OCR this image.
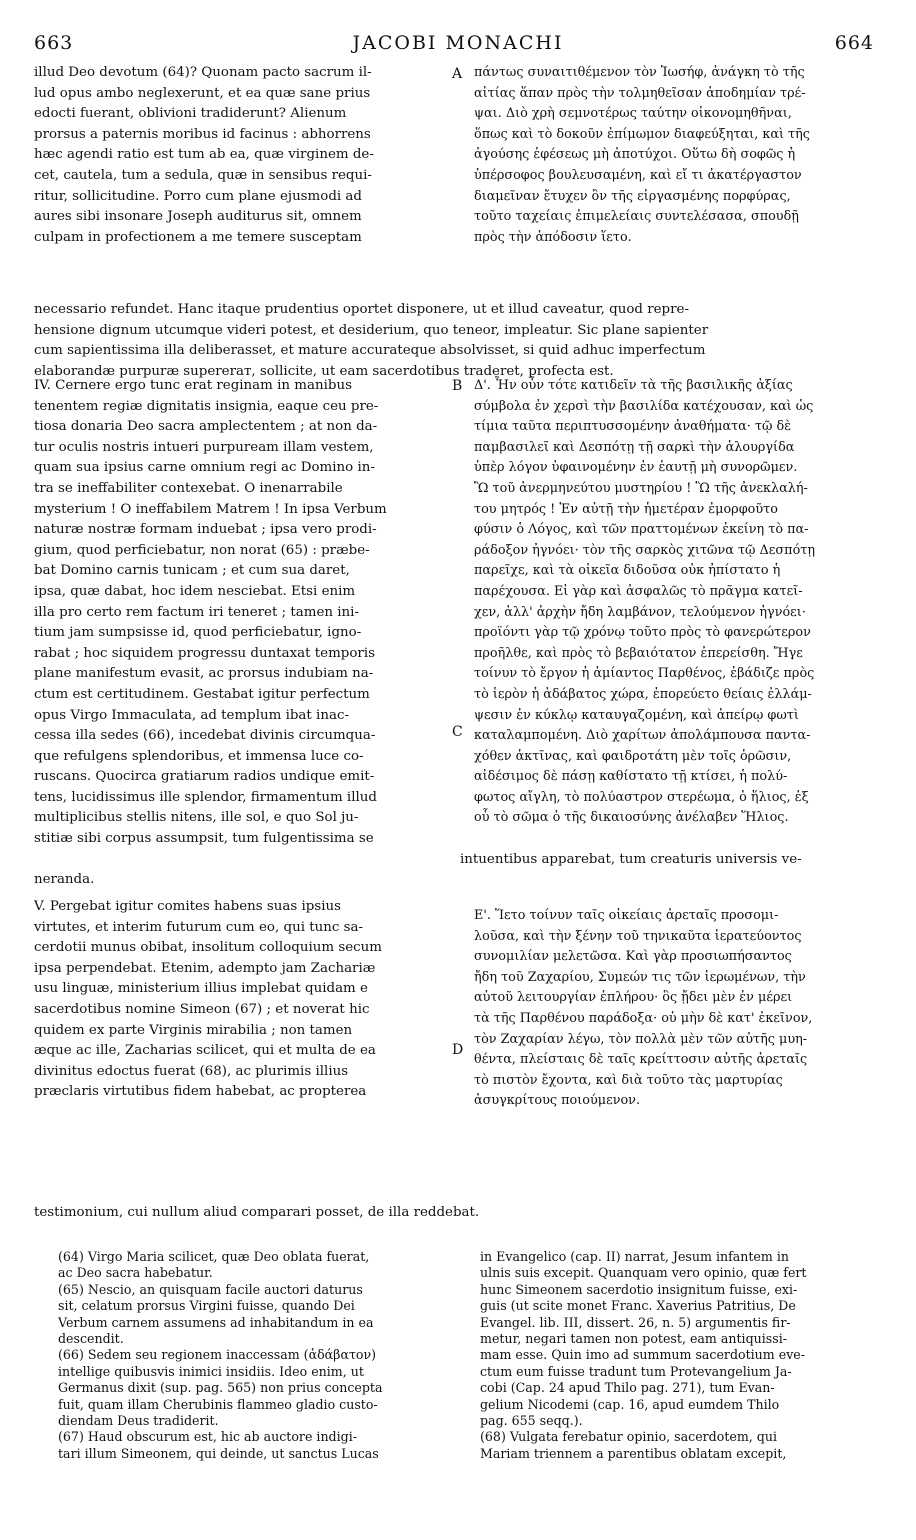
663	JACOBI MONACHI	664
illud Deo devotum (64)? Quonam pacto sacrum il-
lud opus ambo neglexerunt, et ea quæ sane prius
edocti fuerant, oblivioni tradiderunt? Alienum
prorsus a paternis moribus id facinus : abhorrens
hæc agendi ratio est tum ab ea, quæ virginem de-
cet, cautela, tum a sedula, quæ in sensibus requi-
ritur, sollicitudine. Porro cum plane ejusmodi ad
aures sibi insonare Joseph auditurus sit, omnem
culpam in profectionem a me temere susceptam
A πάντως συναιτιθέμενον τὸν Ἰωσήφ, ἀνάγκη τὸ τῆς
αἰτίας ἅπαν πρὸς τὴν τολμηθεῖσαν ἀποδημίαν τρέ-
ψαι. Διὸ χρὴ σεμνοτέρως ταύτην οἰκονομηθῆναι,
ὅπως καὶ τὸ δοκοῦν ἐπίμωμον διαφεύξηται, καὶ τῆς
ἀγούσης ἐφέσεως μὴ ἀποτύχοι. Οὕτω δὴ σοφῶς ἡ
ὑπέρσοφος βουλευσαμένη, καὶ εἴ τι ἀκατέργαστον
διαμεῖναν ἔτυχεν ὂν τῆς εἰργασμένης πορφύρας,
τοῦτο ταχείαις ἐπιμελείαις συντελέσασα, σπουδῇ
πρὸς τὴν ἀπόδοσιν ἵετο.
necessario refundet. Hanc itaque prudentius oportet disponere, ut et illud caveatur, quod repre-
hensione dignum utcumque videri potest, et desiderium, quo teneor, impleatur. Sic plane sapienter
cum sapientissima illa deliberasset, et mature accurateque absolvisset, si quid adhuc imperfectum
elaborandæ purpuræ supereraт, sollicite, ut eam sacerdotibus traderet, profecta est.
IV. Cernere ergo tunc erat reginam in manibus
tenentem regiæ dignitatis insignia, eaque ceu pre-
tiosa donaria Deo sacra amplectentem ; at non da-
tur oculis nostris intueri purpuream illam vestem,
quam sua ipsius carne omnium regi ac Domino in-
tra se ineffabiliter contexebat. O inenarrabile
mysterium ! O ineffabilem Matrem ! In ipsa Verbum
naturæ nostræ formam induebat ; ipsa vero prodi-
gium, quod perficiebatur, non norat (65) : præbe-
bat Domino carnis tunicam ; et cum sua daret,
ipsa, quæ dabat, hoc idem nesciebat. Etsi enim
illa pro certo rem factum iri teneret ; tamen ini-
tium jam sumpsisse id, quod perficiebatur, igno-
rabat ; hoc siquidem progressu duntaxat temporis
plane manifestum evasit, ac prorsus indubiam na-
ctum est certitudinem. Gestabat igitur perfectum
opus Virgo Immaculata, ad templum ibat inac-
cessa illa sedes (66), incedebat divinis circumqua-
que refulgens splendoribus, et immensa luce co-
ruscans. Quocirca gratiarum radios undique emit-
tens, lucidissimus ille splendor, firmamentum illud
multiplicibus stellis nitens, ille sol, e quo Sol ju-
stitiæ sibi corpus assumpsit, tum fulgentissima se
B
C
Δ'. Ἦν οὖν τότε κατιδεῖν τὰ τῆς βασιλικῆς ἀξίας
σύμβολα ἐν χερσὶ τὴν βασιλίδα κατέχουσαν, καὶ ὡς
τίμια ταῦτα περιπτυσσομένην ἀναθήματα· τῷ δὲ
παμβασιλεῖ καὶ Δεσπότῃ τῇ σαρκὶ τὴν ἁλουργίδα
ὑπὲρ λόγον ὑφαινομένην ἐν ἑαυτῇ μὴ συνορῶμεν.
Ὢ τοῦ ἀνερμηνεύτου μυστηρίου ! Ὢ τῆς ἀνεκλαλή-
του μητρός ! Ἐν αὐτῇ τὴν ἡμετέραν ἐμορφοῦτο
φύσιν ὁ Λόγος, καὶ τῶν πραττομένων ἐκείνη τὸ πα-
ράδοξον ἠγνόει· τὸν τῆς σαρκὸς χιτῶνα τῷ Δεσπότῃ
παρεῖχε, καὶ τὰ οἰκεῖα διδοῦσα οὐκ ἠπίστατο ἡ
παρέχουσα. Εἰ γὰρ καὶ ἀσφαλῶς τὸ πρᾶγμα κατεῖ-
χεν, ἀλλ' ἀρχὴν ἤδη λαμβάνον, τελούμενον ἠγνόει·
προϊόντι γὰρ τῷ χρόνῳ τοῦτο πρὸς τὸ φανερώτερον
προῆλθε, καὶ πρὸς τὸ βεβαιότατον ἐπερείσθη. Ἤγε
τοίνυν τὸ ἔργον ἡ ἀμίαντος Παρθένος, ἐβάδιζε πρὸς
τὸ ἱερὸν ἡ ἀδάβατος χώρα, ἐπορεύετο θείαις ἐλλάμ-
ψεσιν ἐν κύκλῳ καταυγαζομένη, καὶ ἀπείρῳ φωτὶ
καταλαμπομένη. Διὸ χαρίτων ἀπολάμπουσα παντα-
χόθεν ἀκτῖνας, καὶ φαιδροτάτη μὲν τοῖς ὁρῶσιν,
αἰδέσιμος δὲ πάσῃ καθίστατο τῇ κτίσει, ἡ πολύ-
φωτος αἴγλη, τὸ πολύαστρον στερέωμα, ὁ ἥλιος, ἐξ
οὗ τὸ σῶμα ὁ τῆς δικαιοσύνης ἀνέλαβεν Ἥλιος.
intuentibus apparebat, tum creaturis universis ve-
neranda.
V. Pergebat igitur comites habens suas ipsius
virtutes, et interim futurum cum eo, qui tunc sa-
cerdotii munus obibat, insolitum colloquium secum
ipsa perpendebat. Etenim, adempto jam Zachariæ
usu linguæ, ministerium illius implebat quidam e
sacerdotibus nomine Simeon (67) ; et noverat hic
quidem ex parte Virginis mirabilia ; non tamen
æque ac ille, Zacharias scilicet, qui et multa de ea
divinitus edoctus fuerat (68), ac plurimis illius
præclaris virtutibus fidem habebat, ac propterea
D
Ε'. Ἵετο τοίνυν ταῖς οἰκείαις ἀρεταῖς προσομι-
λοῦσα, καὶ τὴν ξένην τοῦ τηνικαῦτα ἱερατεύοντος
συνομιλίαν μελετῶσα. Καὶ γὰρ προσιωπήσαντος
ἤδη τοῦ Ζαχαρίου, Συμεών τις τῶν ἱερωμένων, τὴν
αὐτοῦ λειτουργίαν ἐπλήρου· ὃς ᾔδει μὲν ἐν μέρει
τὰ τῆς Παρθένου παράδοξα· οὐ μὴν δὲ κατ' ἐκεῖνον,
τὸν Ζαχαρίαν λέγω, τὸν πολλὰ μὲν τῶν αὐτῆς μυη-
θέντα, πλείσταις δὲ ταῖς κρείττοσιν αὐτῆς ἀρεταῖς
τὸ πιστὸν ἔχοντα, καὶ διὰ τοῦτο τὰς μαρτυρίας
ἀσυγκρίτους ποιούμενον.
testimonium, cui nullum aliud comparari posset, de illa reddebat.
(64) Virgo Maria scilicet, quæ Deo oblata fuerat,
ac Deo sacra habebatur.
(65) Nescio, an quisquam facile auctori daturus
sit, celatum prorsus Virgini fuisse, quando Dei
Verbum carnem assumens ad inhabitandum in ea
descendit.
(66) Sedem seu regionem inaccessam (ἀδάβατον)
intellige quibusvis inimici insidiis. Ideo enim, ut
Germanus dixit (sup. pag. 565) non prius concepta
fuit, quam illam Cherubinis flammeo gladio custo-
diendam Deus tradiderit.
(67) Haud obscurum est, hic ab auctore indigi-
tari illum Simeonem, qui deinde, ut sanctus Lucas
in Evangelico (cap. II) narrat, Jesum infantem in
ulnis suis excepit. Quanquam vero opinio, quæ fert
hunc Simeonem sacerdotio insignitum fuisse, exi-
guis (ut scite monet Franc. Xaverius Patritius, De
Evangel. lib. III, dissert. 26, n. 5) argumentis fir-
metur, negari tamen non potest, eam antiquissi-
mam esse. Quin imo ad summum sacerdotium eve-
ctum eum fuisse tradunt tum Protevangelium Ja-
cobi (Cap. 24 apud Thilo pag. 271), tum Evan-
gelium Nicodemi (cap. 16, apud eumdem Thilo
pag. 655 seqq.).
(68) Vulgata ferebatur opinio, sacerdotem, qui
Mariam triennem a parentibus oblatam excepit,
